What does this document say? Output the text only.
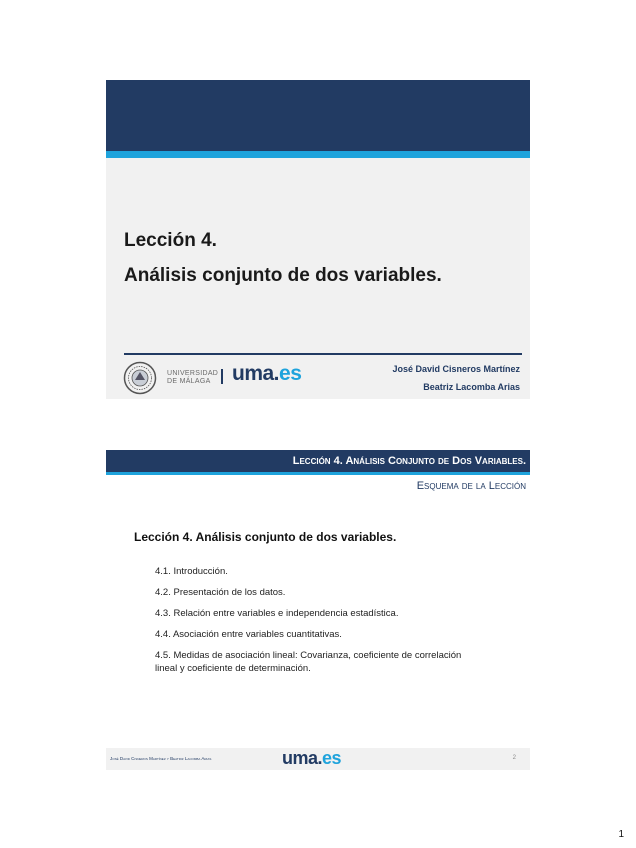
Lección 4.
Análisis conjunto de dos variables.
UNIVERSIDAD
DE MÁLAGA	uma.es	José David Cisneros Martínez
Beatriz Lacomba Arias
Lección 4. Análisis Conjunto de Dos Variables.
Esquema de la Lección
Lección 4. Análisis conjunto de dos variables.
4.1. Introducción.
4.2. Presentación de los datos.
4.3. Relación entre variables e independencia estadística.
4.4. Asociación entre variables cuantitativas.
4.5. Medidas de asociación lineal: Covarianza, coeficiente de correlación lineal y coeficiente de determinación.
José David Cisneros Martínez y Beatriz Lacomba Arias	uma.es	2
1
